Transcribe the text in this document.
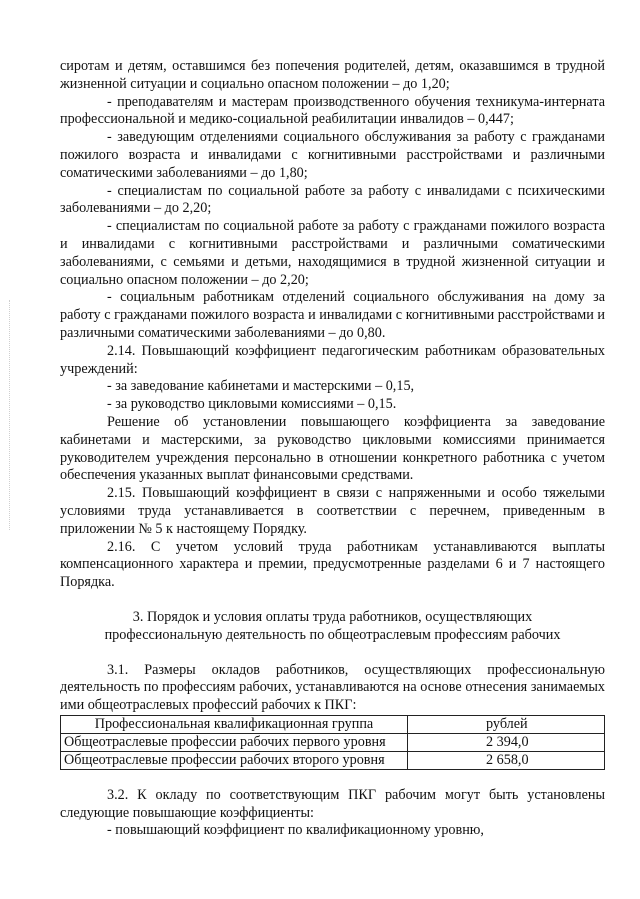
сиротам и детям, оставшимся без попечения родителей, детям, оказавшимся в трудной жизненной ситуации и социально опасном положении – до 1,20;

- преподавателям и мастерам производственного обучения техникума-интерната профессиональной и медико-социальной реабилитации инвалидов – 0,447;

- заведующим отделениями социального обслуживания за работу с гражданами пожилого возраста и инвалидами с когнитивными расстройствами и различными соматическими заболеваниями – до 1,80;

- специалистам по социальной работе за работу с инвалидами с психическими заболеваниями – до 2,20;

- специалистам по социальной работе за работу с гражданами пожилого возраста и инвалидами с когнитивными расстройствами и различными соматическими заболеваниями, с семьями и детьми, находящимися в трудной жизненной ситуации и социально опасном положении – до 2,20;

- социальным работникам отделений социального обслуживания на дому за работу с гражданами пожилого возраста и инвалидами с когнитивными расстройствами и различными соматическими заболеваниями – до 0,80.

2.14. Повышающий коэффициент педагогическим работникам образовательных учреждений:

- за заведование кабинетами и мастерскими – 0,15,

- за руководство цикловыми комиссиями – 0,15.

Решение об установлении повышающего коэффициента за заведование кабинетами и мастерскими, за руководство цикловыми комиссиями принимается руководителем учреждения персонально в отношении конкретного работника с учетом обеспечения указанных выплат финансовыми средствами.

2.15. Повышающий коэффициент в связи с напряженными и особо тяжелыми условиями труда устанавливается в соответствии с перечнем, приведенным в приложении № 5 к настоящему Порядку.

2.16. С учетом условий труда работникам устанавливаются выплаты компенсационного характера и премии, предусмотренные разделами 6 и 7 настоящего Порядка.

3. Порядок и условия оплаты труда работников, осуществляющих

профессиональную деятельность по общеотраслевым профессиям рабочих

3.1. Размеры окладов работников, осуществляющих профессиональную деятельность по профессиям рабочих, устанавливаются на основе отнесения занимаемых ими общеотраслевых профессий рабочих к ПКГ:

Профессиональная квалификационная группа	рублей
Общеотраслевые профессии рабочих первого уровня	2 394,0
Общеотраслевые профессии рабочих второго уровня	2 658,0

3.2. К окладу по соответствующим ПКГ рабочим могут быть установлены следующие повышающие коэффициенты:

- повышающий коэффициент по квалификационному уровню,
